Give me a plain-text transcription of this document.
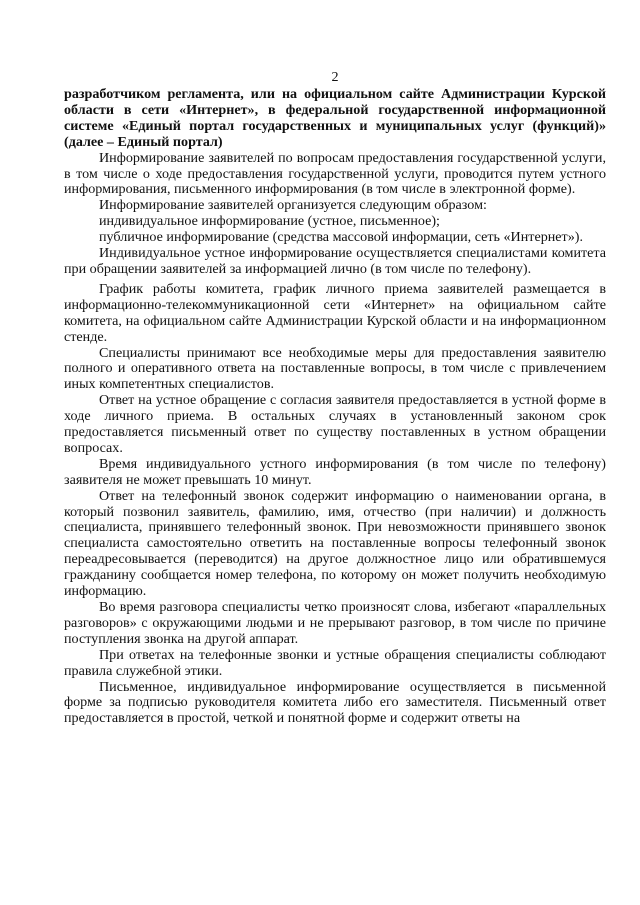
2

разработчиком регламента, или на официальном сайте Администрации Курской области в сети «Интернет», в федеральной государственной информационной системе «Единый портал государственных и муниципальных услуг (функций)» (далее – Единый портал)

Информирование заявителей по вопросам предоставления государственной услуги, в том числе о ходе предоставления государственной услуги, проводится путем устного информирования, письменного информирования (в том числе в электронной форме).

Информирование заявителей организуется следующим образом:

индивидуальное информирование (устное, письменное);

публичное информирование (средства массовой информации, сеть «Интернет»).

Индивидуальное устное информирование осуществляется специалистами комитета при обращении заявителей за информацией лично (в том числе по телефону).

График работы комитета, график личного приема заявителей размещается в информационно-телекоммуникационной сети «Интернет» на официальном сайте комитета, на официальном сайте Администрации Курской области и на информационном стенде.

Специалисты принимают все необходимые меры для предоставления заявителю полного и оперативного ответа на поставленные вопросы, в том числе с привлечением иных компетентных специалистов.

Ответ на устное обращение с согласия заявителя предоставляется в устной форме в ходе личного приема. В остальных случаях в установленный законом срок предоставляется письменный ответ по существу поставленных в устном обращении вопросах.

Время индивидуального устного информирования (в том числе по телефону) заявителя не может превышать 10 минут.

Ответ на телефонный звонок содержит информацию о наименовании органа, в который позвонил заявитель, фамилию, имя, отчество (при наличии) и должность специалиста, принявшего телефонный звонок. При невозможности принявшего звонок специалиста самостоятельно ответить на поставленные вопросы телефонный звонок переадресовывается (переводится) на другое должностное лицо или обратившемуся гражданину сообщается номер телефона, по которому он может получить необходимую информацию.

Во время разговора специалисты четко произносят слова, избегают «параллельных разговоров» с окружающими людьми и не прерывают разговор, в том числе по причине поступления звонка на другой аппарат.

При ответах на телефонные звонки и устные обращения специалисты соблюдают правила служебной этики.

Письменное, индивидуальное информирование осуществляется в письменной форме за подписью руководителя комитета либо его заместителя. Письменный ответ предоставляется в простой, четкой и понятной форме и содержит ответы на
